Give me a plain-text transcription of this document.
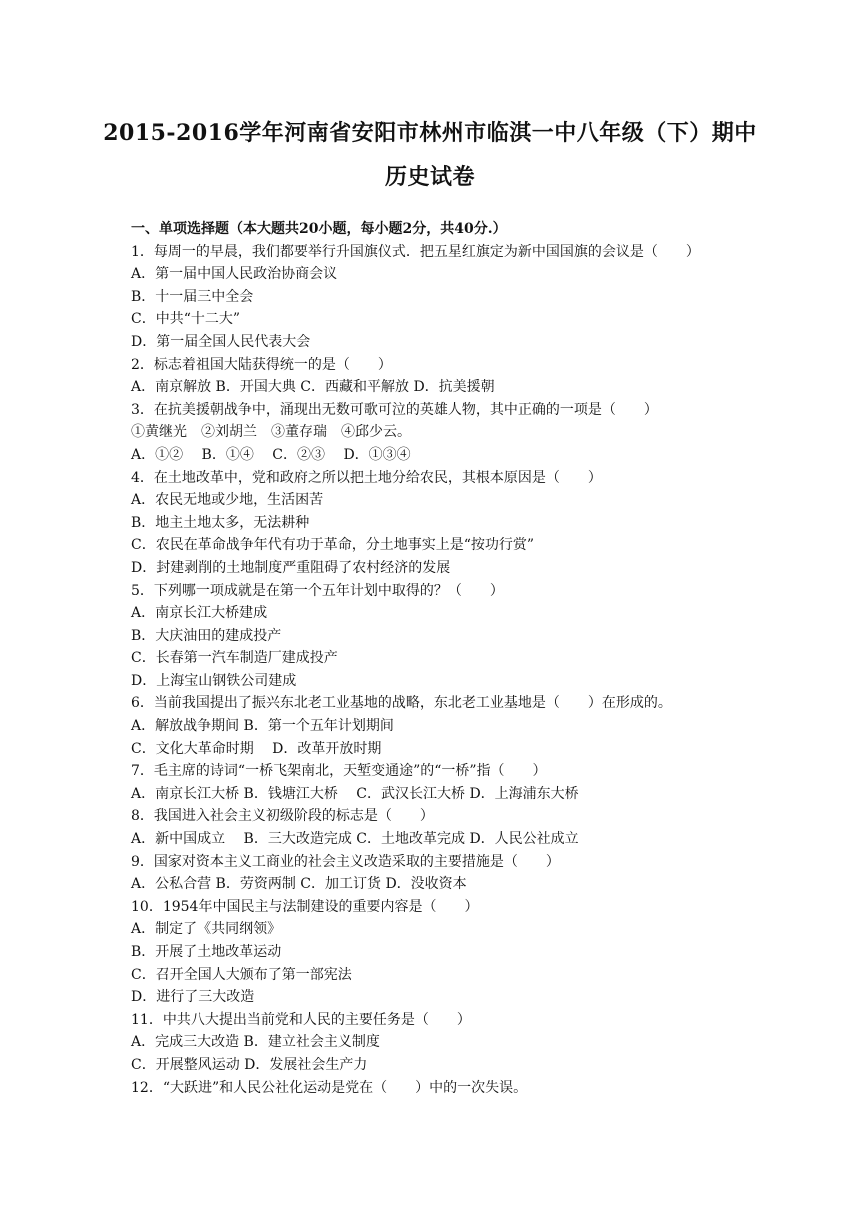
2015-2016学年河南省安阳市林州市临淇一中八年级（下）期中
历史试卷
一、单项选择题（本大题共20小题，每小题2分，共40分.）
1．每周一的早晨，我们都要举行升国旗仪式．把五星红旗定为新中国国旗的会议是（　　）
A．第一届中国人民政治协商会议
B．十一届三中全会
C．中共“十二大”
D．第一届全国人民代表大会
2．标志着祖国大陆获得统一的是（　　）
A．南京解放 B．开国大典 C．西藏和平解放 D．抗美援朝
3．在抗美援朝战争中，涌现出无数可歌可泣的英雄人物，其中正确的一项是（　　）
①黄继光　②刘胡兰　③董存瑞　④邱少云。
A．①②　 B．①④　 C．②③　 D．①③④
4．在土地改革中，党和政府之所以把土地分给农民，其根本原因是（　　）
A．农民无地或少地，生活困苦
B．地主土地太多，无法耕种
C．农民在革命战争年代有功于革命，分土地事实上是“按功行赏”
D．封建剥削的土地制度严重阻碍了农村经济的发展
5．下列哪一项成就是在第一个五年计划中取得的？（　　）
A．南京长江大桥建成
B．大庆油田的建成投产
C．长春第一汽车制造厂建成投产
D．上海宝山钢铁公司建成
6．当前我国提出了振兴东北老工业基地的战略，东北老工业基地是（　　）在形成的。
A．解放战争期间 B．第一个五年计划期间
C．文化大革命时期　 D．改革开放时期
7．毛主席的诗词“一桥飞架南北，天堑变通途”的“一桥”指（　　）
A．南京长江大桥 B．钱塘江大桥　 C．武汉长江大桥 D．上海浦东大桥
8．我国进入社会主义初级阶段的标志是（　　）
A．新中国成立　 B．三大改造完成 C．土地改革完成 D．人民公社成立
9．国家对资本主义工商业的社会主义改造采取的主要措施是（　　）
A．公私合营 B．劳资两制 C．加工订货 D．没收资本
10．1954年中国民主与法制建设的重要内容是（　　）
A．制定了《共同纲领》
B．开展了土地改革运动
C．召开全国人大颁布了第一部宪法
D．进行了三大改造
11．中共八大提出当前党和人民的主要任务是（　　）
A．完成三大改造 B．建立社会主义制度
C．开展整风运动 D．发展社会生产力
12．“大跃进”和人民公社化运动是党在（　　）中的一次失误。
